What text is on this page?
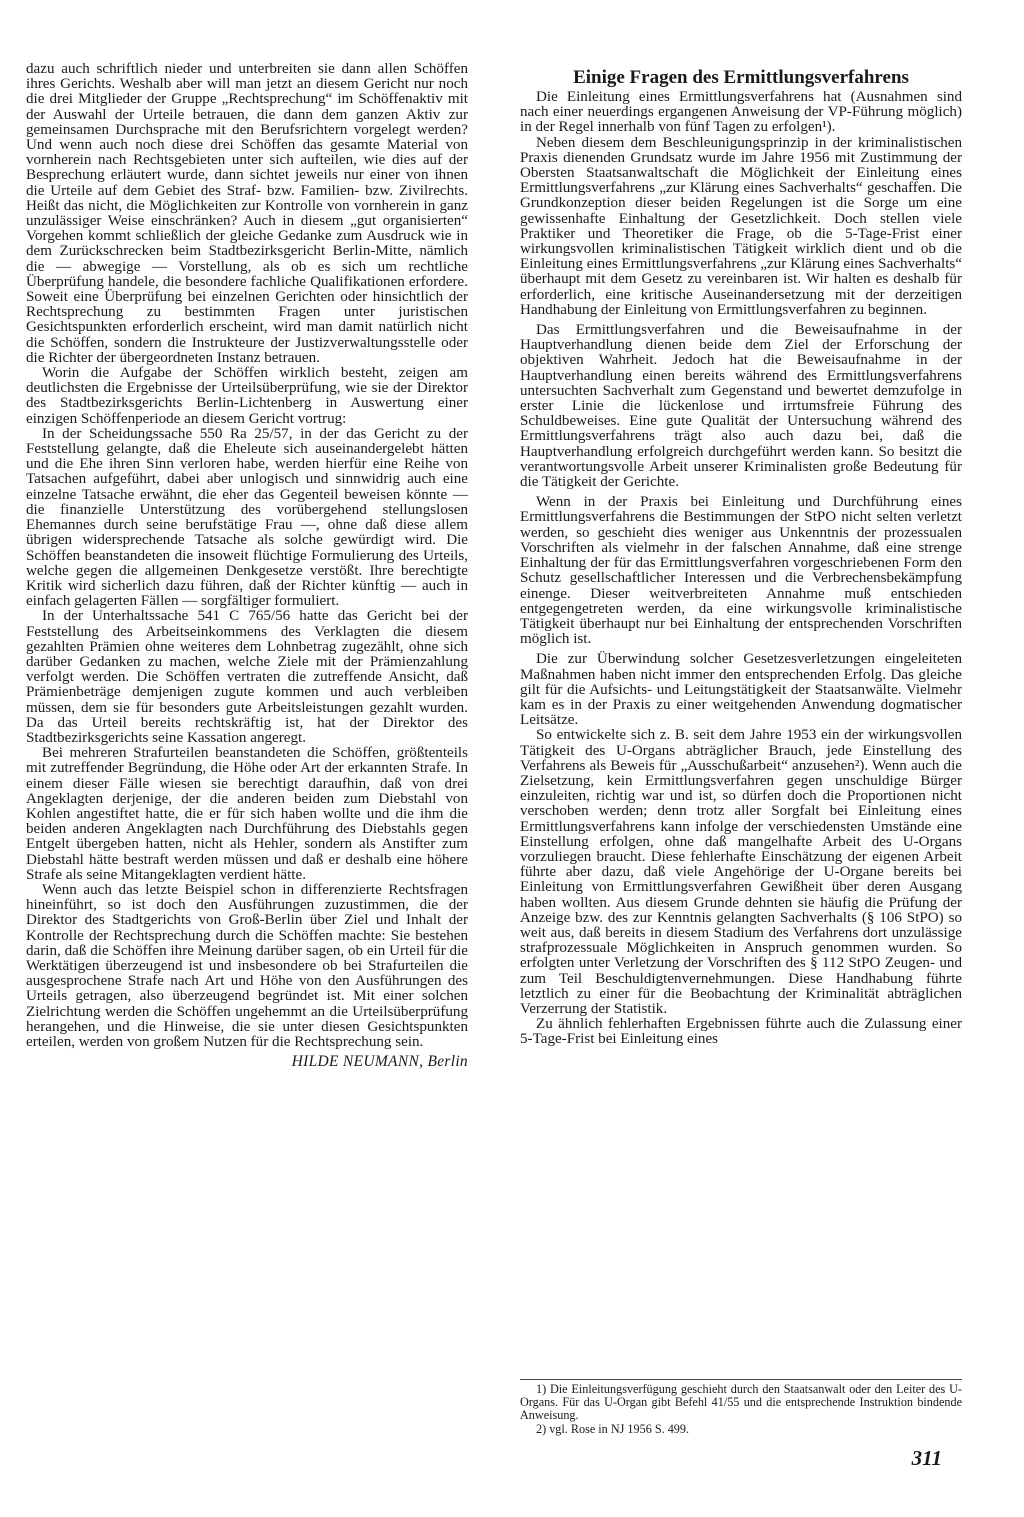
dazu auch schriftlich nieder und unterbreiten sie dann allen Schöffen ihres Gerichts. Weshalb aber will man jetzt an diesem Gericht nur noch die drei Mitglieder der Gruppe „Rechtsprechung“ im Schöffenaktiv mit der Auswahl der Urteile betrauen, die dann dem ganzen Aktiv zur gemeinsamen Durchsprache mit den Berufsrichtern vorgelegt werden? Und wenn auch noch diese drei Schöffen das gesamte Material von vornherein nach Rechtsgebieten unter sich aufteilen, wie dies auf der Besprechung erläutert wurde, dann sichtet jeweils nur einer von ihnen die Urteile auf dem Gebiet des Straf- bzw. Familien- bzw. Zivilrechts. Heißt das nicht, die Möglichkeiten zur Kontrolle von vornherein in ganz unzulässiger Weise einschränken? Auch in diesem „gut organisierten“ Vorgehen kommt schließlich der gleiche Gedanke zum Ausdruck wie in dem Zurückschrecken beim Stadtbezirksgericht Berlin-Mitte, nämlich die — abwegige — Vorstellung, als ob es sich um rechtliche Überprüfung handele, die besondere fachliche Qualifikationen erfordere. Soweit eine Überprüfung bei einzelnen Gerichten oder hinsichtlich der Rechtsprechung zu bestimmten Fragen unter juristischen Gesichtspunkten erforderlich erscheint, wird man damit natürlich nicht die Schöffen, sondern die Instrukteure der Justizverwaltungsstelle oder die Richter der übergeordneten Instanz betrauen.

Worin die Aufgabe der Schöffen wirklich besteht, zeigen am deutlichsten die Ergebnisse der Urteilsüberprüfung, wie sie der Direktor des Stadtbezirksgerichts Berlin-Lichtenberg in Auswertung einer einzigen Schöffenperiode an diesem Gericht vortrug:

In der Scheidungssache 550 Ra 25/57, in der das Gericht zu der Feststellung gelangte, daß die Eheleute sich auseinandergelebt hätten und die Ehe ihren Sinn verloren habe, werden hierfür eine Reihe von Tatsachen aufgeführt, dabei aber unlogisch und sinnwidrig auch eine einzelne Tatsache erwähnt, die eher das Gegenteil beweisen könnte — die finanzielle Unterstützung des vorübergehend stellungslosen Ehemannes durch seine berufstätige Frau —, ohne daß diese allem übrigen widersprechende Tatsache als solche gewürdigt wird. Die Schöffen beanstandeten die insoweit flüchtige Formulierung des Urteils, welche gegen die allgemeinen Denkgesetze verstößt. Ihre berechtigte Kritik wird sicherlich dazu führen, daß der Richter künftig — auch in einfach gelagerten Fällen — sorgfältiger formuliert.

In der Unterhaltssache 541 C 765/56 hatte das Gericht bei der Feststellung des Arbeitseinkommens des Verklagten die diesem gezahlten Prämien ohne weiteres dem Lohnbetrag zugezählt, ohne sich darüber Gedanken zu machen, welche Ziele mit der Prämienzahlung verfolgt werden. Die Schöffen vertraten die zutreffende Ansicht, daß Prämienbeträge demjenigen zugute kommen und auch verbleiben müssen, dem sie für besonders gute Arbeitsleistungen gezahlt wurden. Da das Urteil bereits rechtskräftig ist, hat der Direktor des Stadtbezirksgerichts seine Kassation angeregt.

Bei mehreren Strafurteilen beanstandeten die Schöffen, größtenteils mit zutreffender Begründung, die Höhe oder Art der erkannten Strafe. In einem dieser Fälle wiesen sie berechtigt daraufhin, daß von drei Angeklagten derjenige, der die anderen beiden zum Diebstahl von Kohlen angestiftet hatte, die er für sich haben wollte und die ihm die beiden anderen Angeklagten nach Durchführung des Diebstahls gegen Entgelt übergeben hatten, nicht als Hehler, sondern als Anstifter zum Diebstahl hätte bestraft werden müssen und daß er deshalb eine höhere Strafe als seine Mitangeklagten verdient hätte.

Wenn auch das letzte Beispiel schon in differenzierte Rechtsfragen hineinführt, so ist doch den Ausführungen zuzustimmen, die der Direktor des Stadtgerichts von Groß-Berlin über Ziel und Inhalt der Kontrolle der Rechtsprechung durch die Schöffen machte: Sie bestehen darin, daß die Schöffen ihre Meinung darüber sagen, ob ein Urteil für die Werktätigen überzeugend ist und insbesondere ob bei Strafurteilen die ausgesprochene Strafe nach Art und Höhe von den Ausführungen des Urteils getragen, also überzeugend begründet ist. Mit einer solchen Zielrichtung werden die Schöffen ungehemmt an die Urteilsüberprüfung herangehen, und die Hinweise, die sie unter diesen Gesichtspunkten erteilen, werden von großem Nutzen für die Rechtsprechung sein.

HILDE NEUMANN, Berlin
Einige Fragen des Ermittlungsverfahrens

Die Einleitung eines Ermittlungsverfahrens hat (Ausnahmen sind nach einer neuerdings ergangenen Anweisung der VP-Führung möglich) in der Regel innerhalb von fünf Tagen zu erfolgen¹).

Neben diesem dem Beschleunigungsprinzip in der kriminalistischen Praxis dienenden Grundsatz wurde im Jahre 1956 mit Zustimmung der Obersten Staatsanwaltschaft die Möglichkeit der Einleitung eines Ermittlungsverfahrens „zur Klärung eines Sachverhalts“ geschaffen. Die Grundkonzeption dieser beiden Regelungen ist die Sorge um eine gewissenhafte Einhaltung der Gesetzlichkeit. Doch stellen viele Praktiker und Theoretiker die Frage, ob die 5-Tage-Frist einer wirkungsvollen kriminalistischen Tätigkeit wirklich dient und ob die Einleitung eines Ermittlungsverfahrens „zur Klärung eines Sachverhalts“ überhaupt mit dem Gesetz zu vereinbaren ist. Wir halten es deshalb für erforderlich, eine kritische Auseinandersetzung mit der derzeitigen Handhabung der Einleitung von Ermittlungsverfahren zu beginnen.

Das Ermittlungsverfahren und die Beweisaufnahme in der Hauptverhandlung dienen beide dem Ziel der Erforschung der objektiven Wahrheit. Jedoch hat die Beweisaufnahme in der Hauptverhandlung einen bereits während des Ermittlungsverfahrens untersuchten Sachverhalt zum Gegenstand und bewertet demzufolge in erster Linie die lückenlose und irrtumsfreie Führung des Schuldbeweises. Eine gute Qualität der Untersuchung während des Ermittlungsverfahrens trägt also auch dazu bei, daß die Hauptverhandlung erfolgreich durchgeführt werden kann. So besitzt die verantwortungsvolle Arbeit unserer Kriminalisten große Bedeutung für die Tätigkeit der Gerichte.

Wenn in der Praxis bei Einleitung und Durchführung eines Ermittlungsverfahrens die Bestimmungen der StPO nicht selten verletzt werden, so geschieht dies weniger aus Unkenntnis der prozessualen Vorschriften als vielmehr in der falschen Annahme, daß eine strenge Einhaltung der für das Ermittlungsverfahren vorgeschriebenen Form den Schutz gesellschaftlicher Interessen und die Verbrechensbekämpfung einenge. Dieser weitverbreiteten Annahme muß entschieden entgegengetreten werden, da eine wirkungsvolle kriminalistische Tätigkeit überhaupt nur bei Einhaltung der entsprechenden Vorschriften möglich ist.

Die zur Überwindung solcher Gesetzesverletzungen eingeleiteten Maßnahmen haben nicht immer den entsprechenden Erfolg. Das gleiche gilt für die Aufsichts- und Leitungstätigkeit der Staatsanwälte. Vielmehr kam es in der Praxis zu einer weitgehenden Anwendung dogmatischer Leitsätze.

So entwickelte sich z. B. seit dem Jahre 1953 ein der wirkungsvollen Tätigkeit des U-Organs abträglicher Brauch, jede Einstellung des Verfahrens als Beweis für „Ausschußarbeit“ anzusehen²). Wenn auch die Zielsetzung, kein Ermittlungsverfahren gegen unschuldige Bürger einzuleiten, richtig war und ist, so dürfen doch die Proportionen nicht verschoben werden; denn trotz aller Sorgfalt bei Einleitung eines Ermittlungsverfahrens kann infolge der verschiedensten Umstände eine Einstellung erfolgen, ohne daß mangelhafte Arbeit des U-Organs vorzuliegen braucht. Diese fehlerhafte Einschätzung der eigenen Arbeit führte aber dazu, daß viele Angehörige der U-Organe bereits bei Einleitung von Ermittlungsverfahren Gewißheit über deren Ausgang haben wollten. Aus diesem Grunde dehnten sie häufig die Prüfung der Anzeige bzw. des zur Kenntnis gelangten Sachverhalts (§ 106 StPO) so weit aus, daß bereits in diesem Stadium des Verfahrens dort unzulässige strafprozessuale Möglichkeiten in Anspruch genommen wurden. So erfolgten unter Verletzung der Vorschriften des § 112 StPO Zeugen- und zum Teil Beschuldigtenvernehmungen. Diese Handhabung führte letztlich zu einer für die Beobachtung der Kriminalität abträglichen Verzerrung der Statistik.

Zu ähnlich fehlerhaften Ergebnissen führte auch die Zulassung einer 5-Tage-Frist bei Einleitung eines

1) Die Einleitungsverfügung geschieht durch den Staatsanwalt oder den Leiter des U-Organs. Für das U-Organ gibt Befehl 41/55 und die entsprechende Instruktion bindende Anweisung.

2) vgl. Rose in NJ 1956 S. 499.

311
